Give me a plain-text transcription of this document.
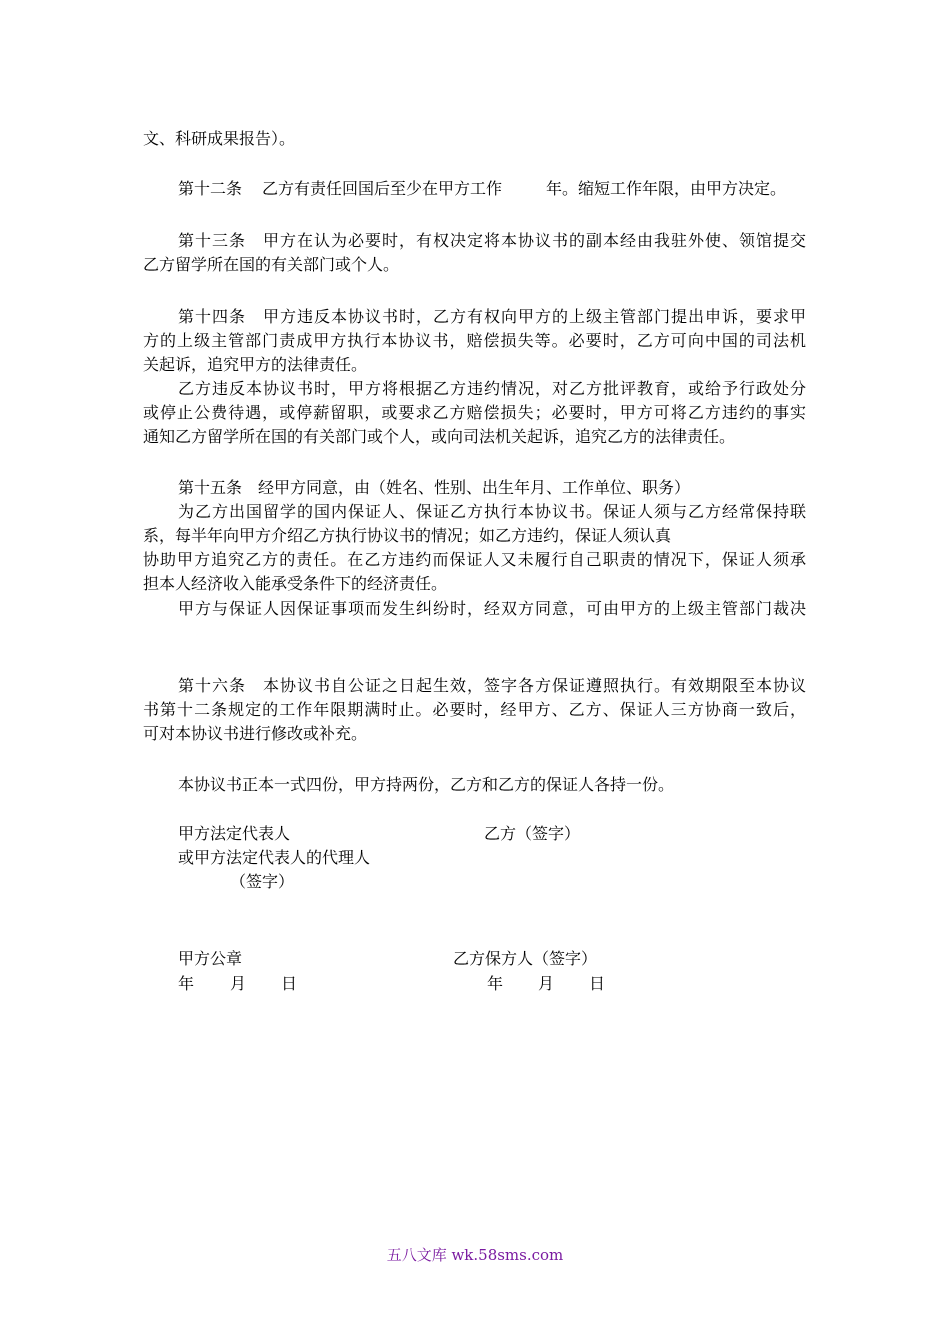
文、科研成果报告）。
第十二条 乙方有责任回国后至少在甲方工作	年。缩短工作年限，由甲方决定。
第十三条　甲方在认为必要时，有权决定将本协议书的副本经由我驻外使、领馆提交
乙方留学所在国的有关部门或个人。
第十四条　甲方违反本协议书时，乙方有权向甲方的上级主管部门提出申诉，要求甲
方的上级主管部门责成甲方执行本协议书，赔偿损失等。必要时，乙方可向中国的司法机
关起诉，追究甲方的法律责任。
乙方违反本协议书时，甲方将根据乙方违约情况，对乙方批评教育，或给予行政处分
或停止公费待遇，或停薪留职，或要求乙方赔偿损失；必要时，甲方可将乙方违约的事实
通知乙方留学所在国的有关部门或个人，或向司法机关起诉，追究乙方的法律责任。
第十五条　经甲方同意，由（姓名、性别、出生年月、工作单位、职务）
为乙方出国留学的国内保证人、保证乙方执行本协议书。保证人须与乙方经常保持联
系，每半年向甲方介绍乙方执行协议书的情况；如乙方违约，保证人须认真
协助甲方追究乙方的责任。在乙方违约而保证人又未履行自己职责的情况下，保证人须承
担本人经济收入能承受条件下的经济责任。
甲方与保证人因保证事项而发生纠纷时，经双方同意，可由甲方的上级主管部门裁决
第十六条　本协议书自公证之日起生效，签字各方保证遵照执行。有效期限至本协议
书第十二条规定的工作年限期满时止。必要时，经甲方、乙方、保证人三方协商一致后，
可对本协议书进行修改或补充。
本协议书正本一式四份，甲方持两份，乙方和乙方的保证人各持一份。
甲方法定代表人	乙方（签字）
或甲方法定代表人的代理人
（签字）
甲方公章	乙方保方人（签字）
年 月 日	年 月 日
五八文库 wk.58sms.com
